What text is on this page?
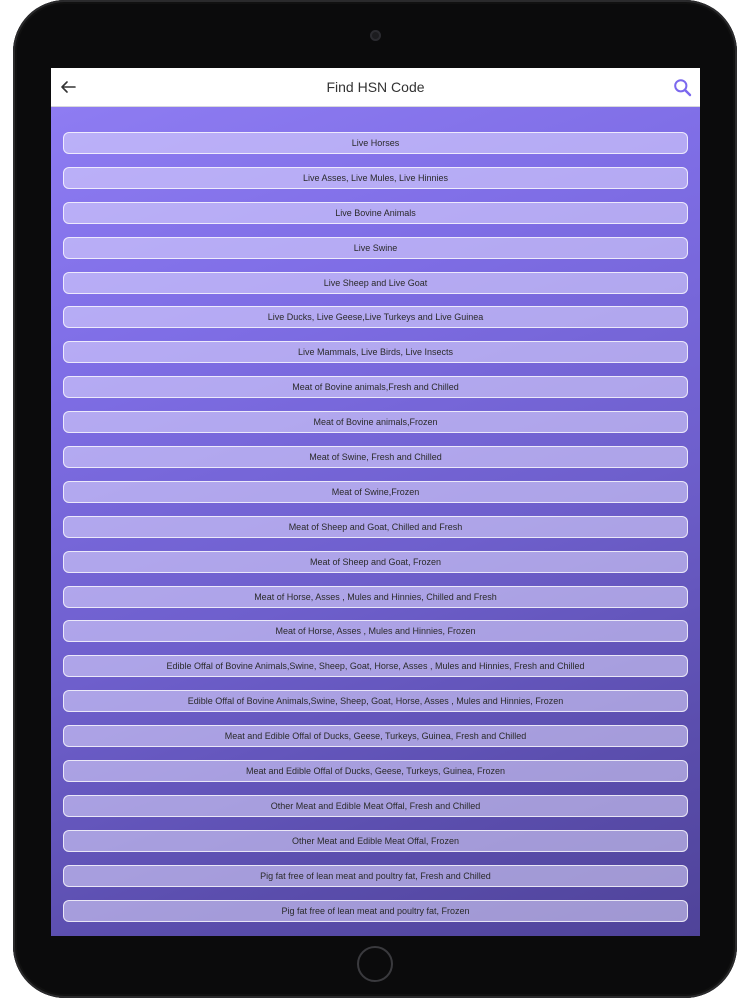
Find HSN Code
Live Horses
Live Asses, Live Mules, Live Hinnies
Live Bovine Animals
Live Swine
Live Sheep and Live Goat
Live Ducks, Live Geese,Live Turkeys and Live Guinea
Live Mammals, Live Birds, Live Insects
Meat of Bovine animals,Fresh and Chilled
Meat of Bovine animals,Frozen
Meat of Swine, Fresh and Chilled
Meat of Swine,Frozen
Meat of Sheep and Goat, Chilled and Fresh
Meat of Sheep and Goat, Frozen
Meat of Horse, Asses , Mules and Hinnies, Chilled and Fresh
Meat of Horse, Asses , Mules and Hinnies, Frozen
Edible Offal of Bovine Animals,Swine, Sheep, Goat, Horse, Asses , Mules and Hinnies, Fresh and Chilled
Edible Offal of Bovine Animals,Swine, Sheep, Goat, Horse, Asses , Mules and Hinnies, Frozen
Meat and Edible Offal of Ducks, Geese, Turkeys, Guinea, Fresh and Chilled
Meat and Edible Offal of Ducks, Geese, Turkeys, Guinea, Frozen
Other Meat and Edible Meat Offal, Fresh and Chilled
Other Meat and Edible Meat Offal, Frozen
Pig fat free of lean meat and poultry fat, Fresh and Chilled
Pig fat free of lean meat and poultry fat, Frozen
